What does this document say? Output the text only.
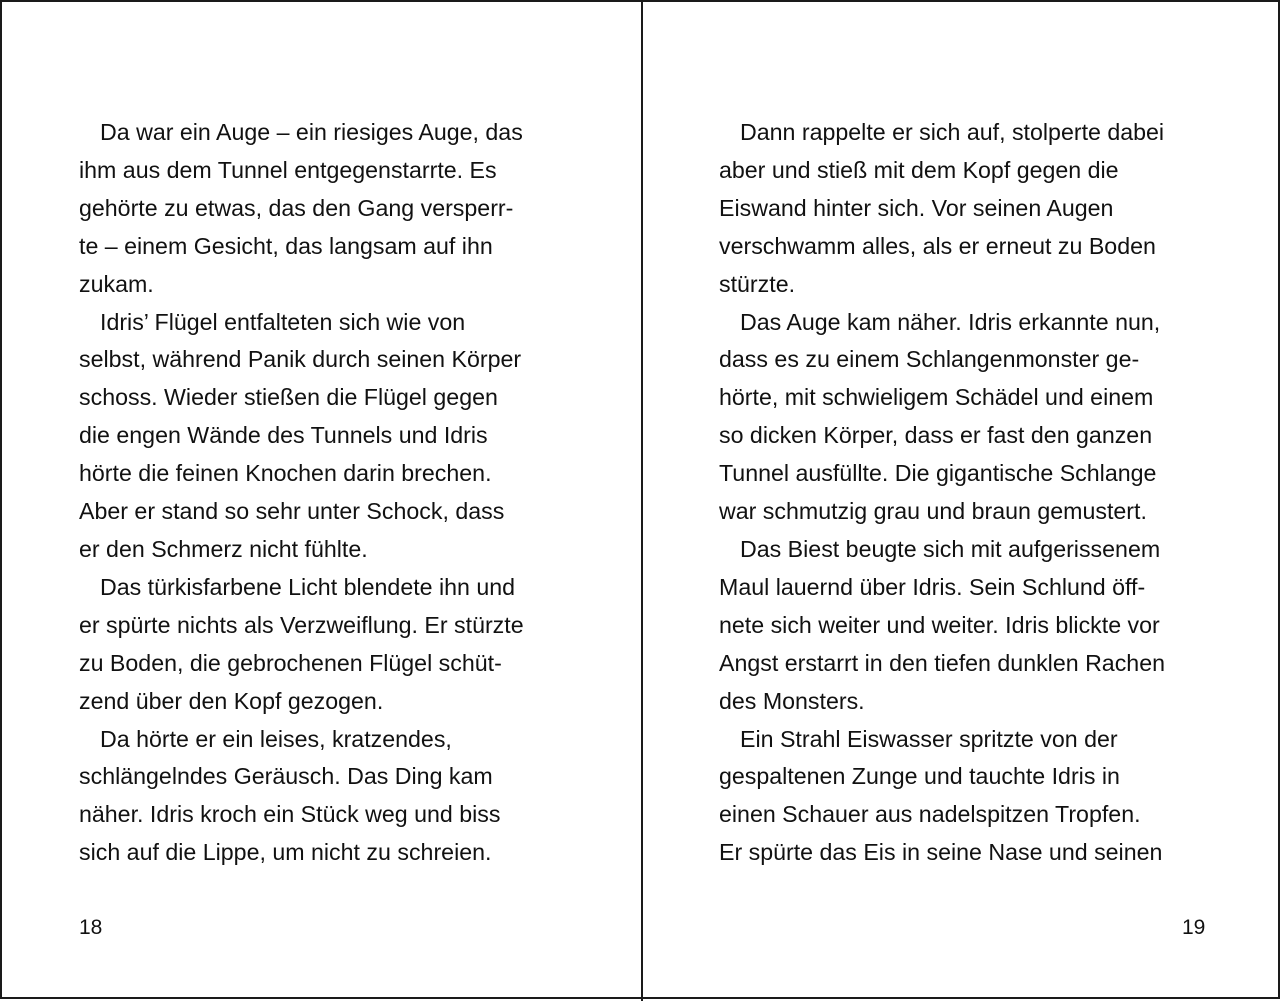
Da war ein Auge – ein riesiges Auge, das
ihm aus dem Tunnel entgegenstarrte. Es
gehörte zu etwas, das den Gang versperr-
te – einem Gesicht, das langsam auf ihn
zukam.
Idris’ Flügel entfalteten sich wie von
selbst, während Panik durch seinen Körper
schoss. Wieder stießen die Flügel gegen
die engen Wände des Tunnels und Idris
hörte die feinen Knochen darin brechen.
Aber er stand so sehr unter Schock, dass
er den Schmerz nicht fühlte.
Das türkisfarbene Licht blendete ihn und
er spürte nichts als Verzweiflung. Er stürzte
zu Boden, die gebrochenen Flügel schüt-
zend über den Kopf gezogen.
Da hörte er ein leises, kratzendes,
schlängelndes Geräusch. Das Ding kam
näher. Idris kroch ein Stück weg und biss
sich auf die Lippe, um nicht zu schreien.
18
Dann rappelte er sich auf, stolperte dabei
aber und stieß mit dem Kopf gegen die
Eiswand hinter sich. Vor seinen Augen
verschwamm alles, als er erneut zu Boden
stürzte.
Das Auge kam näher. Idris erkannte nun,
dass es zu einem Schlangenmonster ge-
hörte, mit schwieligem Schädel und einem
so dicken Körper, dass er fast den ganzen
Tunnel ausfüllte. Die gigantische Schlange
war schmutzig grau und braun gemustert.
Das Biest beugte sich mit aufgerissenem
Maul lauernd über Idris. Sein Schlund öff-
nete sich weiter und weiter. Idris blickte vor
Angst erstarrt in den tiefen dunklen Rachen
des Monsters.
Ein Strahl Eiswasser spritzte von der
gespaltenen Zunge und tauchte Idris in
einen Schauer aus nadelspitzen Tropfen.
Er spürte das Eis in seine Nase und seinen
19
